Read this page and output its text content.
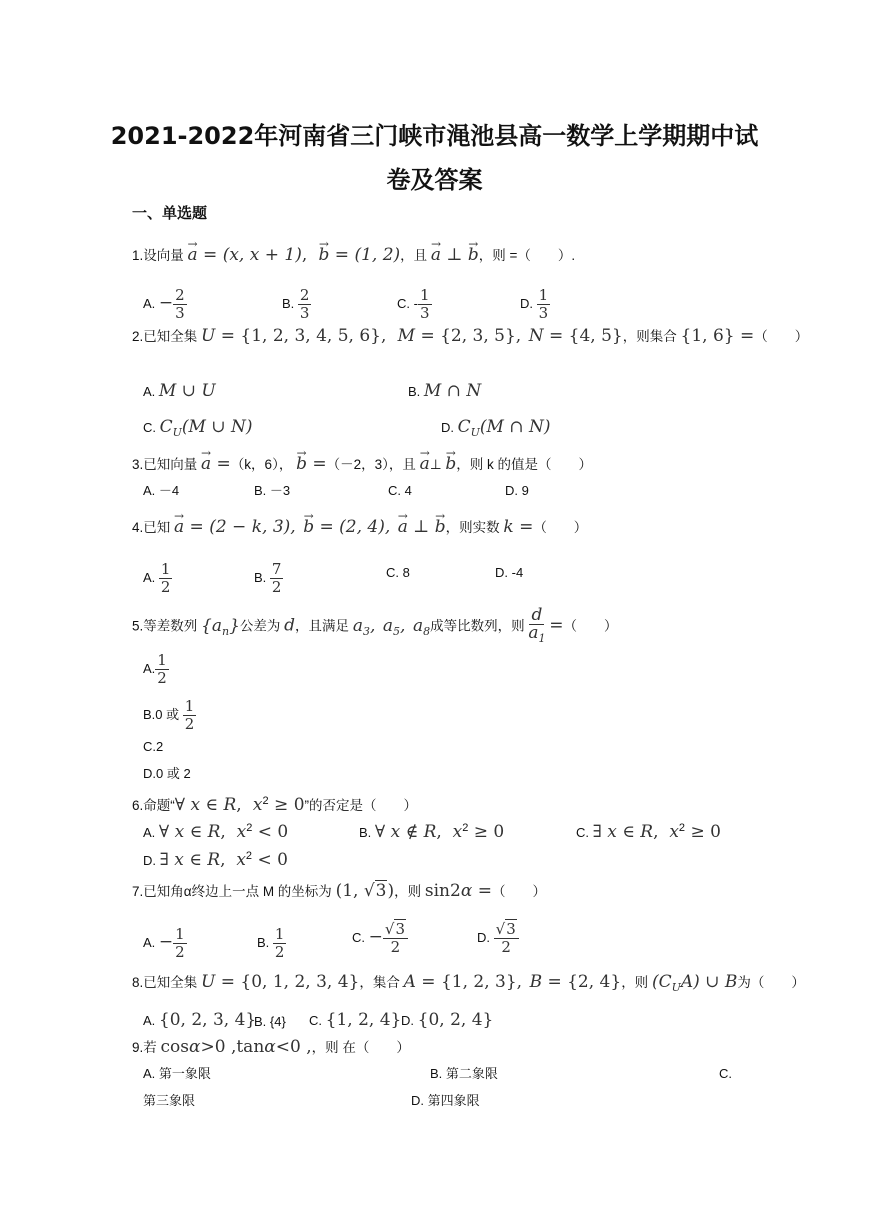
2021-2022年河南省三门峡市渑池县高一数学上学期期中试
卷及答案
一、单选题
1.设向量 → a = (x, x + 1), → b = (1, 2)，且 → a ⊥ → b，则 =（　　）.
A. − $\frac{2}{3}$	B. $\frac{2}{3}$	C. - $\frac{1}{3}$	D. $\frac{1}{3}$
2.已知全集 U = {1, 2, 3, 4, 5, 6}, M = {2, 3, 5}, N = {4, 5}，则集合 {1, 6} =（　　）
A. M ∪ U	B. M ∩ N
C. $C_U(M$ ∪ N)	D. $C_U(M$ ∩ N)
3.已知向量 → a =（k，6）， → b =（－2，3），且 → a⊥ → b，则 k 的值是（　　）
A. －4	B. －3	C. 4	D. 9
4.已知 → a = (2 − k, 3), → b = (2, 4), → a ⊥ → b，则实数 k =（　　）
A. $\frac{1}{2}$	B. $\frac{7}{2}$	C. 8	D. -4
5.等差数列 $\{a_n\}$公差为 d，且满足 $a_3$, $a_5$, $a_8$成等比数列，则 $\frac{d}{a_1}$ =（　　）
A. $\frac{1}{2}$
B.0 或 $\frac{1}{2}$
C.2
D.0 或 2
6.命题“∀ x ∈ R, $x^2 \ge 0$”的否定是（　　）
A. ∀ x ∈ R, $x^2 < 0$	B. ∀ x ∉ R, $x^2 \ge 0$	C. ∃ x ∈ R, $x^2 \ge 0$
D. ∃ x ∈ R, $x^2 < 0$
7.已知角α终边上一点 M 的坐标为 (1, √3)，则 sin2α =（　　）
A. − $\frac{1}{2}$	B. $\frac{1}{2}$	C. − $\frac{√3}{2}$	D. $\frac{√3}{2}$
8.已知全集 U = {0, 1, 2, 3, 4}，集合 A = {1, 2, 3}, B = {2, 4}，则 $(C_UA)$ ∪ B为（　　）
A. {0, 2, 3, 4}
B. {4} C. {1, 2, 4} D. {0, 2, 4}
9.若 cosα>0 ,tanα<0 ,，则 在（　　）
A. 第一象限	B. 第二象限	C.
第三象限	D. 第四象限
